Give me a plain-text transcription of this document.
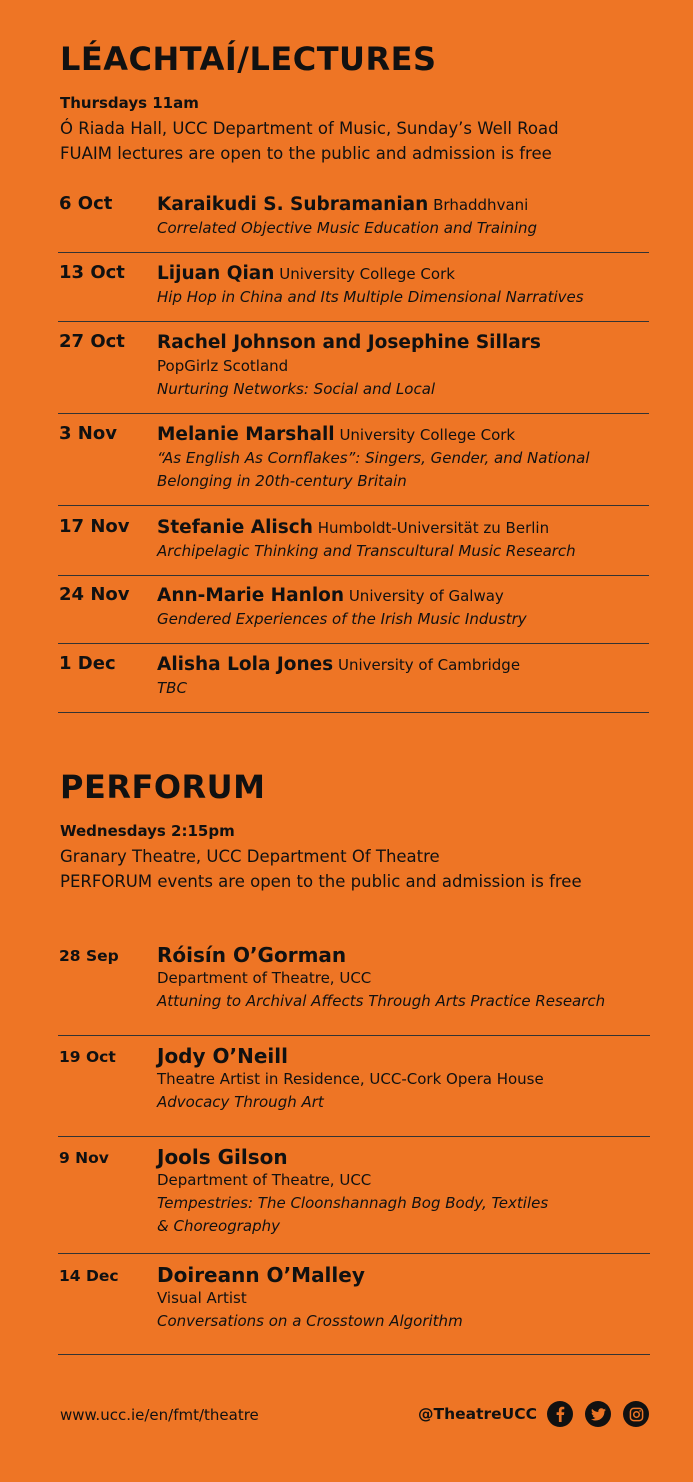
LÉACHTAÍ/LECTURES
Thursdays 11am
Ó Riada Hall, UCC Department of Music, Sunday’s Well Road
FUAIM lectures are open to the public and admission is free
6 Oct Karaikudi S. Subramanian Brhaddhvani
Correlated Objective Music Education and Training
13 Oct Lijuan Qian University College Cork
Hip Hop in China and Its Multiple Dimensional Narratives
27 Oct Rachel Johnson and Josephine Sillars
PopGirlz Scotland
Nurturing Networks: Social and Local
3 Nov Melanie Marshall University College Cork
“As English As Cornflakes”: Singers, Gender, and National
Belonging in 20th-century Britain
17 Nov Stefanie Alisch Humboldt-Universität zu Berlin
Archipelagic Thinking and Transcultural Music Research
24 Nov Ann-Marie Hanlon University of Galway
Gendered Experiences of the Irish Music Industry
1 Dec Alisha Lola Jones University of Cambridge
TBC
PERFORUM
Wednesdays 2:15pm
Granary Theatre, UCC Department Of Theatre
PERFORUM events are open to the public and admission is free
28 Sep Róisín O’Gorman
Department of Theatre, UCC
Attuning to Archival Affects Through Arts Practice Research
19 Oct Jody O’Neill
Theatre Artist in Residence, UCC-Cork Opera House
Advocacy Through Art
9 Nov Jools Gilson
Department of Theatre, UCC
Tempestries: The Cloonshannagh Bog Body, Textiles
& Choreography
14 Dec Doireann O’Malley
Visual Artist
Conversations on a Crosstown Algorithm
www.ucc.ie/en/fmt/theatre	@TheatreUCC
